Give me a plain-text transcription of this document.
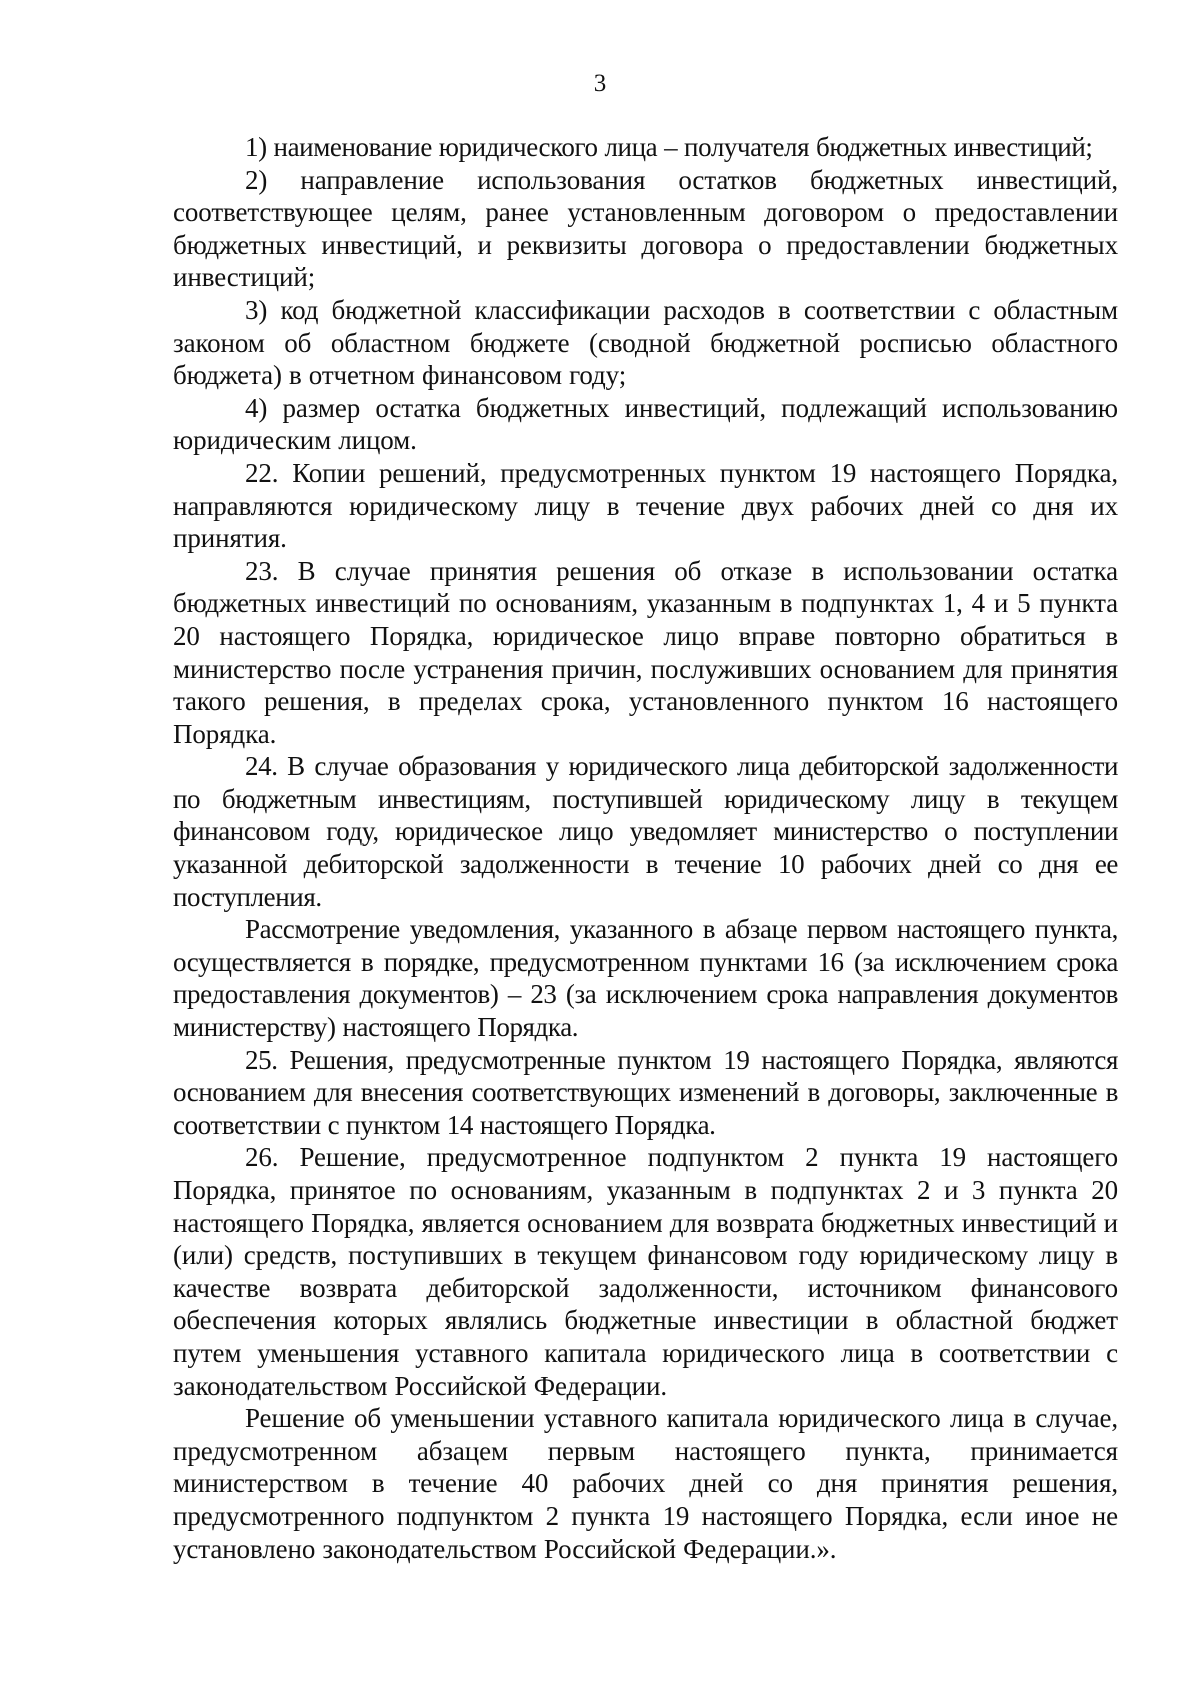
3

1) наименование юридического лица – получателя бюджетных инвестиций;

2) направление использования остатков бюджетных инвестиций, соответствующее целям, ранее установленным договором о предоставлении бюджетных инвестиций, и реквизиты договора о предоставлении бюджетных инвестиций;

3) код бюджетной классификации расходов в соответствии с областным законом об областном бюджете (сводной бюджетной росписью областного бюджета) в отчетном финансовом году;

4) размер остатка бюджетных инвестиций, подлежащий использованию юридическим лицом.

22. Копии решений, предусмотренных пунктом 19 настоящего Порядка, направляются юридическому лицу в течение двух рабочих дней со дня их принятия.

23. В случае принятия решения об отказе в использовании остатка бюджетных инвестиций по основаниям, указанным в подпунктах 1, 4 и 5 пункта 20 настоящего Порядка, юридическое лицо вправе повторно обратиться в министерство после устранения причин, послуживших основанием для принятия такого решения, в пределах срока, установленного пунктом 16 настоящего Порядка.

24. В случае образования у юридического лица дебиторской задолженности по бюджетным инвестициям, поступившей юридическому лицу в текущем финансовом году, юридическое лицо уведомляет министерство о поступлении указанной дебиторской задолженности в течение 10 рабочих дней со дня ее поступления.

Рассмотрение уведомления, указанного в абзаце первом настоящего пункта, осуществляется в порядке, предусмотренном пунктами 16 (за исключением срока предоставления документов) – 23 (за исключением срока направления документов министерству) настоящего Порядка.

25. Решения, предусмотренные пунктом 19 настоящего Порядка, являются основанием для внесения соответствующих изменений в договоры, заключенные в соответствии с пунктом 14 настоящего Порядка.

26. Решение, предусмотренное подпунктом 2 пункта 19 настоящего Порядка, принятое по основаниям, указанным в подпунктах 2 и 3 пункта 20 настоящего Порядка, является основанием для возврата бюджетных инвестиций и (или) средств, поступивших в текущем финансовом году юридическому лицу в качестве возврата дебиторской задолженности, источником финансового обеспечения которых являлись бюджетные инвестиции в областной бюджет путем уменьшения уставного капитала юридического лица в соответствии с законодательством Российской Федерации.

Решение об уменьшении уставного капитала юридического лица в случае, предусмотренном абзацем первым настоящего пункта, принимается министерством в течение 40 рабочих дней со дня принятия решения, предусмотренного подпунктом 2 пункта 19 настоящего Порядка, если иное не установлено законодательством Российской Федерации.».
